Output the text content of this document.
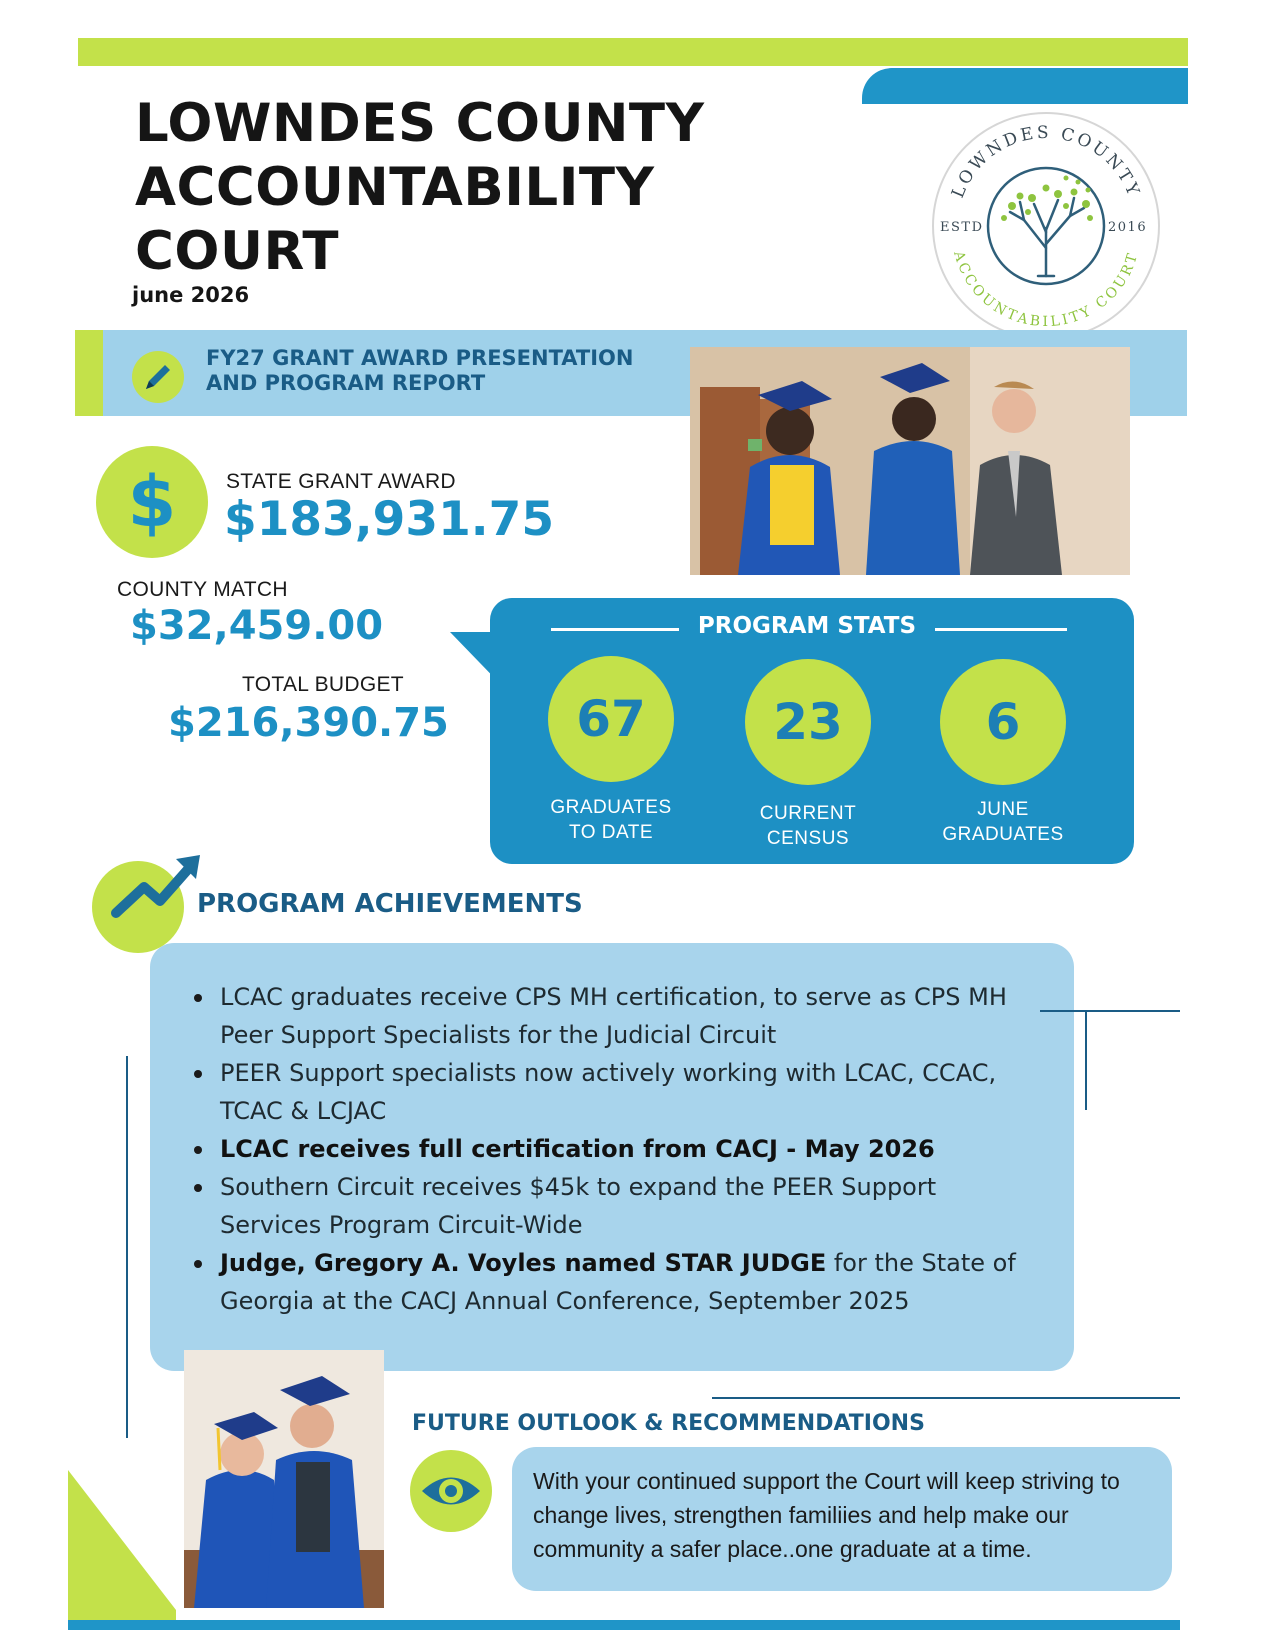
LOWNDES COUNTY
ACCOUNTABILITY
COURT
june 2026
LOWNDES COUNTY
ACCOUNTABILITY COURT
ESTD	2016
FY27 GRANT AWARD PRESENTATION
AND PROGRAM REPORT
$	STATE GRANT AWARD
$183,931.75
COUNTY MATCH
$32,459.00
TOTAL BUDGET
$216,390.75
PROGRAM STATS
67	23	6
GRADUATES
TO DATE
CURRENT
CENSUS
JUNE
GRADUATES
PROGRAM ACHIEVEMENTS
LCAC graduates receive CPS MH certification, to serve as CPS MH Peer Support Specialists for the Judicial Circuit
PEER Support specialists now actively working with LCAC, CCAC, TCAC & LCJAC
LCAC receives full certification from CACJ - May 2026
Southern Circuit receives $45k to expand the PEER Support Services Program Circuit-Wide
Judge, Gregory A. Voyles named STAR JUDGE for the State of Georgia at the CACJ Annual Conference, September 2025
FUTURE OUTLOOK & RECOMMENDATIONS
With your continued support the Court will keep striving to change lives, strengthen familiies and help make our community a safer place..one graduate at a time.
